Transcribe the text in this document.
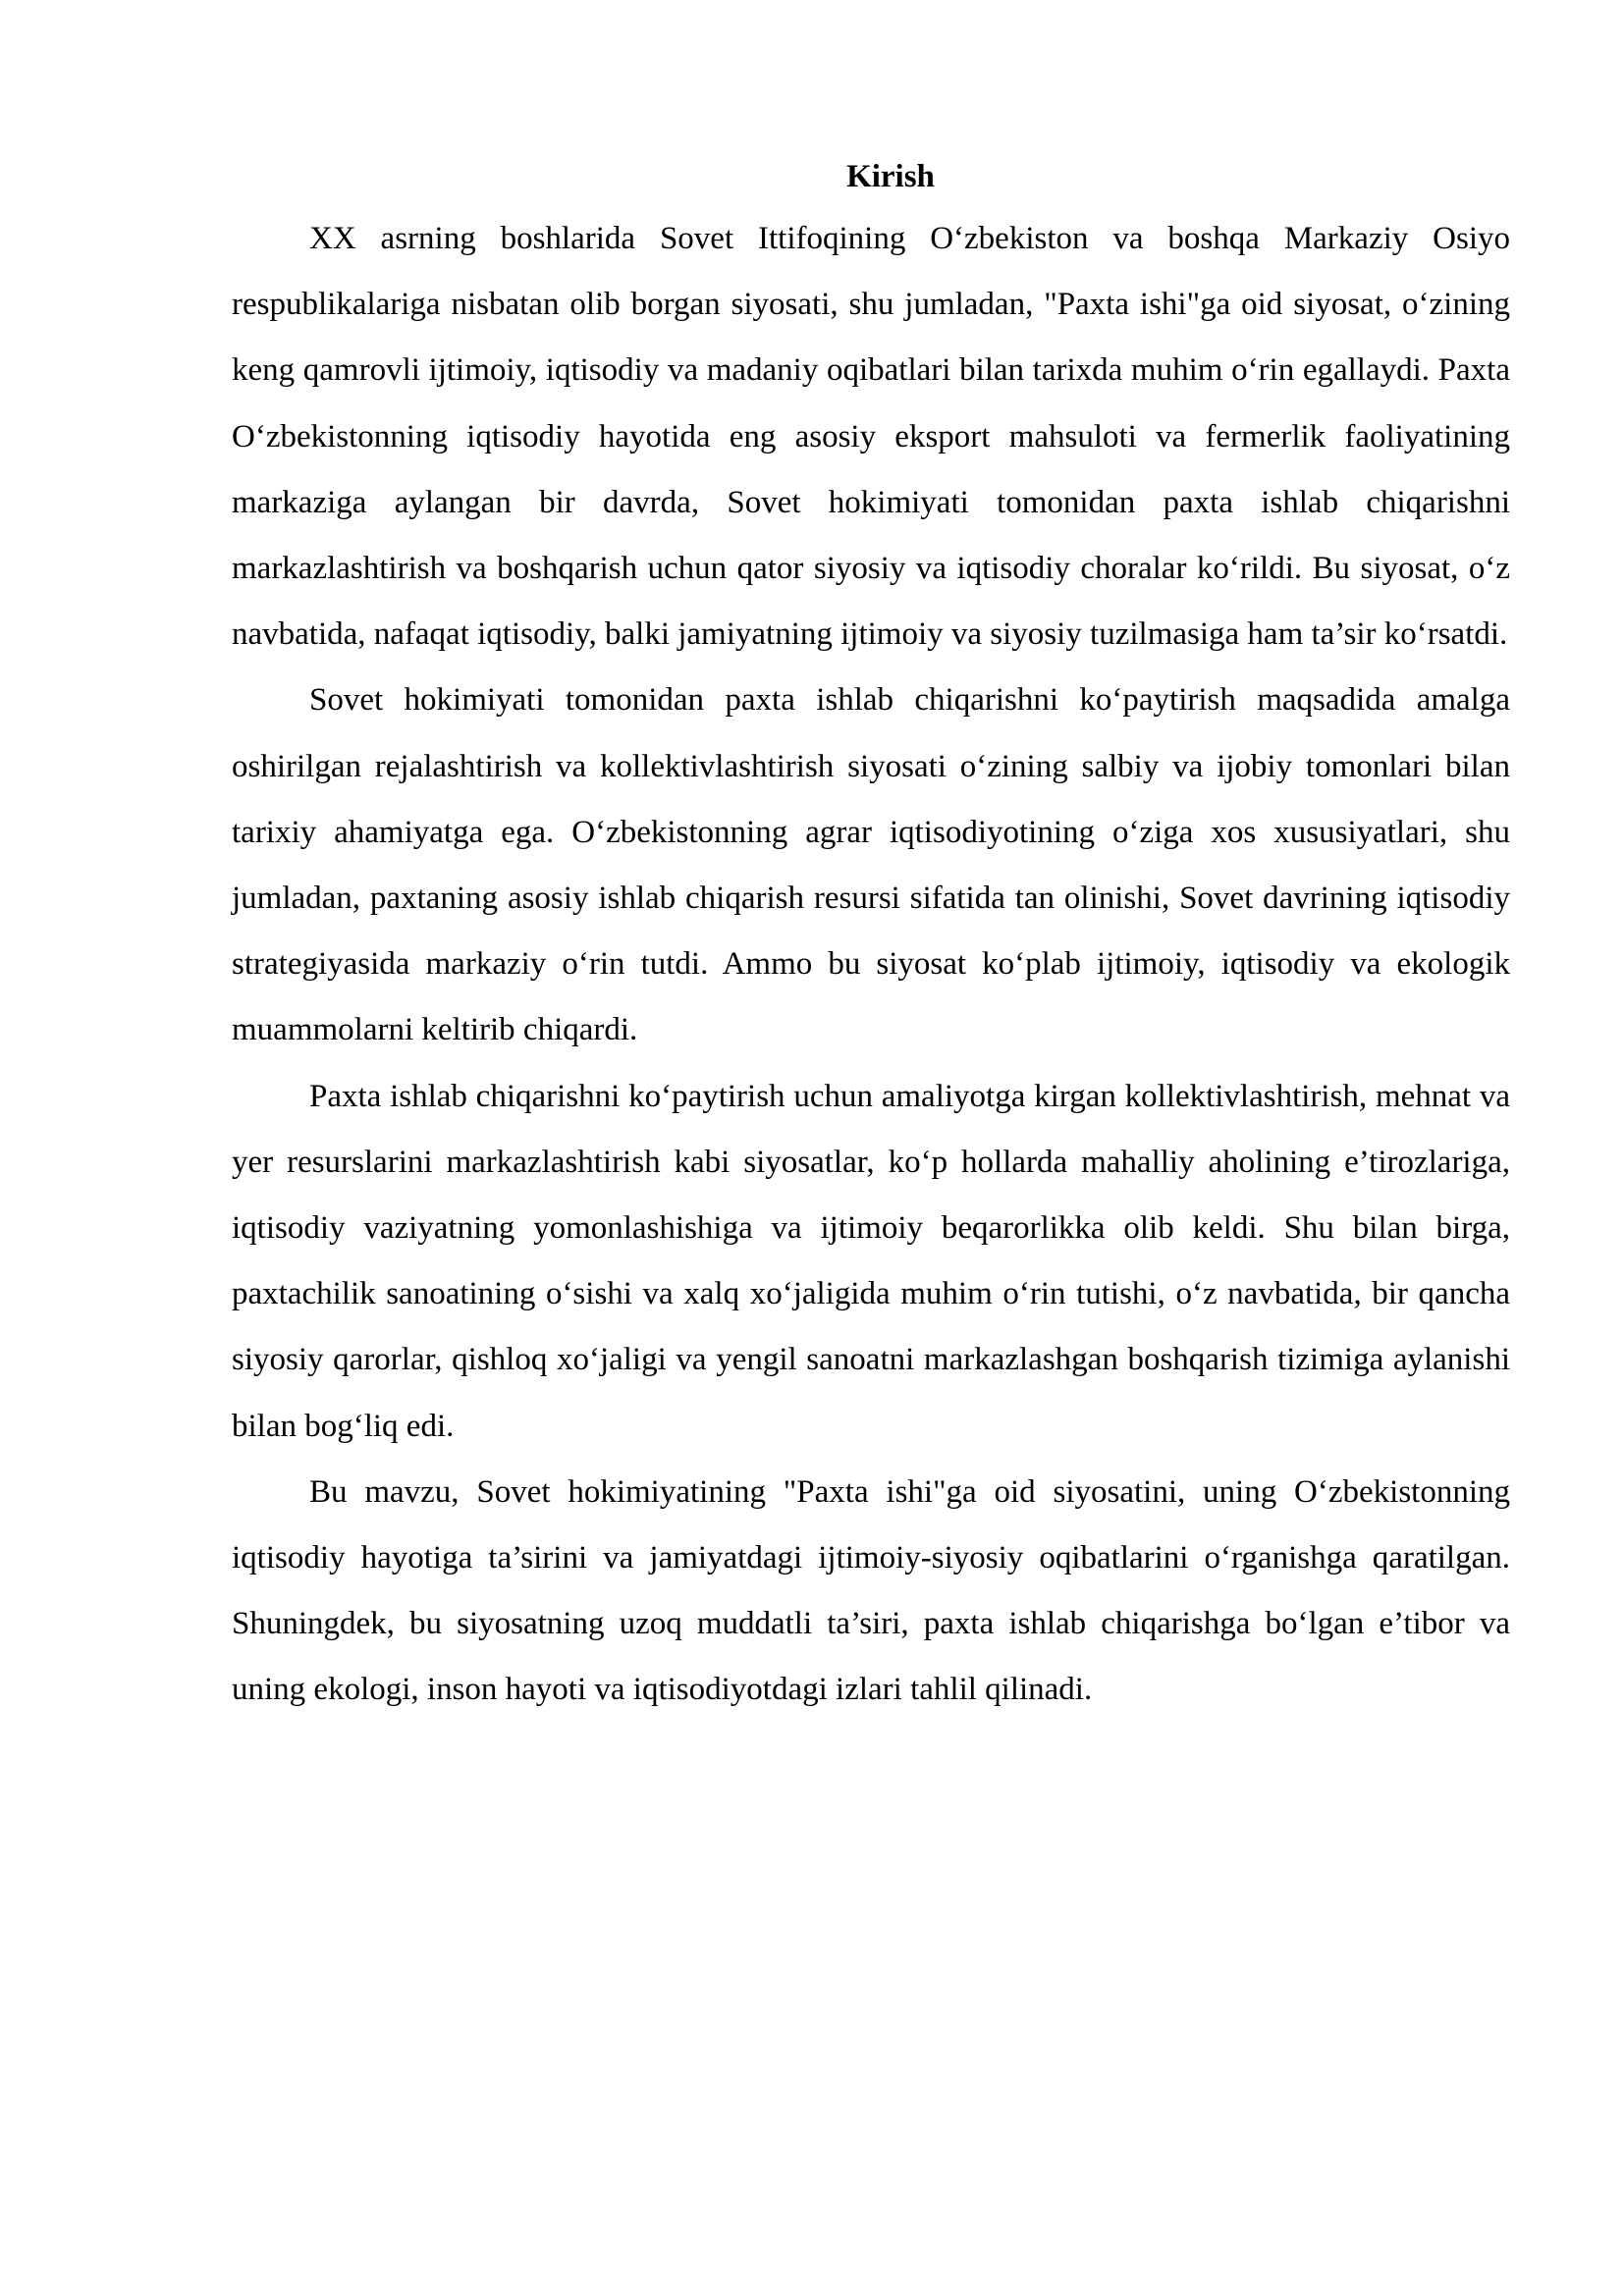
Kirish

XX asrning boshlarida Sovet Ittifoqining O‘zbekiston va boshqa Markaziy Osiyo respublikalariga nisbatan olib borgan siyosati, shu jumladan, "Paxta ishi"ga oid siyosat, o‘zining keng qamrovli ijtimoiy, iqtisodiy va madaniy oqibatlari bilan tarixda muhim o‘rin egallaydi. Paxta O‘zbekistonning iqtisodiy hayotida eng asosiy eksport mahsuloti va fermerlik faoliyatining markaziga aylangan bir davrda, Sovet hokimiyati tomonidan paxta ishlab chiqarishni markazlashtirish va boshqarish uchun qator siyosiy va iqtisodiy choralar ko‘rildi. Bu siyosat, o‘z navbatida, nafaqat iqtisodiy, balki jamiyatning ijtimoiy va siyosiy tuzilmasiga ham ta’sir ko‘rsatdi.

Sovet hokimiyati tomonidan paxta ishlab chiqarishni ko‘paytirish maqsadida amalga oshirilgan rejalashtirish va kollektivlashtirish siyosati o‘zining salbiy va ijobiy tomonlari bilan tarixiy ahamiyatga ega. O‘zbekistonning agrar iqtisodiyotining o‘ziga xos xususiyatlari, shu jumladan, paxtaning asosiy ishlab chiqarish resursi sifatida tan olinishi, Sovet davrining iqtisodiy strategiyasida markaziy o‘rin tutdi. Ammo bu siyosat ko‘plab ijtimoiy, iqtisodiy va ekologik muammolarni keltirib chiqardi.

Paxta ishlab chiqarishni ko‘paytirish uchun amaliyotga kirgan kollektivlashtirish, mehnat va yer resurslarini markazlashtirish kabi siyosatlar, ko‘p hollarda mahalliy aholining e’tirozlariga, iqtisodiy vaziyatning yomonlashishiga va ijtimoiy beqarorlikka olib keldi. Shu bilan birga, paxtachilik sanoatining o‘sishi va xalq xo‘jaligida muhim o‘rin tutishi, o‘z navbatida, bir qancha siyosiy qarorlar, qishloq xo‘jaligi va yengil sanoatni markazlashgan boshqarish tizimiga aylanishi bilan bog‘liq edi.

Bu mavzu, Sovet hokimiyatining "Paxta ishi"ga oid siyosatini, uning O‘zbekistonning iqtisodiy hayotiga ta’sirini va jamiyatdagi ijtimoiy-siyosiy oqibatlarini o‘rganishga qaratilgan. Shuningdek, bu siyosatning uzoq muddatli ta’siri, paxta ishlab chiqarishga bo‘lgan e’tibor va uning ekologi, inson hayoti va iqtisodiyotdagi izlari tahlil qilinadi.
